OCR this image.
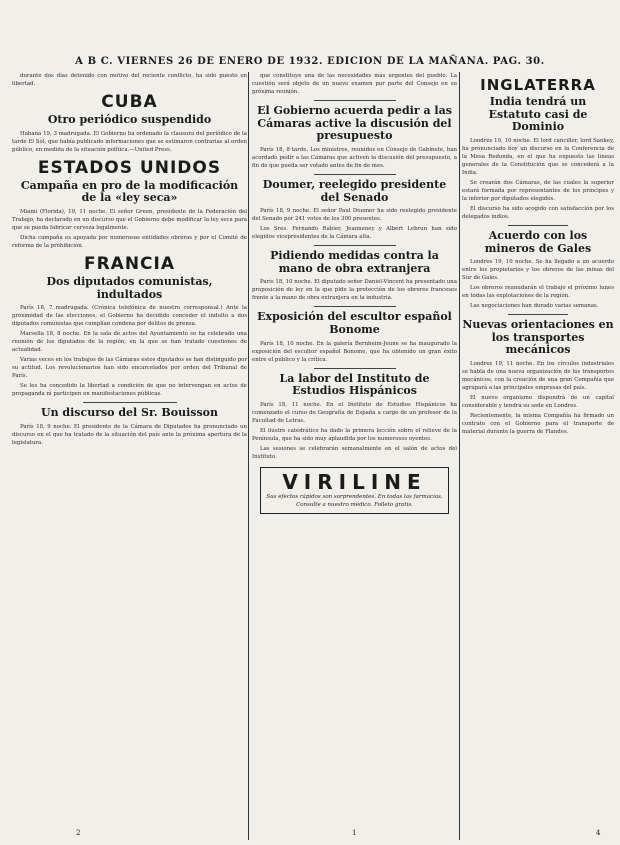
A B C. VIERNES 26 DE ENERO DE 1932. EDICION DE LA MAÑANA. PAG. 30.

durante dos días detenido con motivo del reciente conflicto, ha sido puesto en libertad.

CUBA
Otro periódico suspendido

Habana 19, 3 madrugada. El Gobierno ha ordenado la clausura del periódico de la tarde El Sol, que había publicado informaciones que se estimaron contrarias al orden público, en medida de la situación política.—United Press.

ESTADOS UNIDOS
Campaña en pro de la modificación de la «ley seca»

Miami (Florida), 19, 11 noche. El señor Green, presidente de la Federación del Trabajo, ha declarado en un discurso que el Gobierno debe modificar la ley seca para que se pueda fabricar cerveza legalmente.

Dicha campaña es apoyada por numerosas entidades obreras y por el Comité de reforma de la prohibición.

FRANCIA
Dos diputados comunistas, indultados

París 18, 7 madrugada. (Crónica telefónica de nuestro corresponsal.) Ante la proximidad de las elecciones, el Gobierno ha decidido conceder el indulto a dos diputados comunistas que cumplían condena por delitos de prensa.

Marsella 18, 8 noche. En la sala de actos del Ayuntamiento se ha celebrado una reunión de los diputados de la región, en la que se han tratado cuestiones de actualidad.

Varias veces en los trabajos de las Cámaras estos diputados se han distinguido por su actitud. Los revolucionarios han sido encarcelados por orden del Tribunal de París.

Se les ha concedido la libertad a condición de que no intervengan en actos de propaganda ni participen en manifestaciones públicas.

Un discurso del Sr. Bouisson

París 18, 9 noche. El presidente de la Cámara de Diputados ha pronunciado un discurso en el que ha tratado de la situación del país ante la próxima apertura de la legislatura.

que constituye una de las necesidades más urgentes del pueblo. La cuestión será objeto de un nuevo examen por parte del Consejo en su próxima reunión.

El Gobierno acuerda pedir a las Cámaras active la discusión del presupuesto

París 18, 8 tarde. Los ministros, reunidos en Consejo de Gabinete, han acordado pedir a las Cámaras que activen la discusión del presupuesto, a fin de que pueda ser votado antes de fin de mes.

Doumer, reelegido presidente del Senado

París 18, 9 noche. El señor Paul Doumer ha sido reelegido presidente del Senado por 241 votos de los 300 presentes.

Los Sres. Fernando Rabier, Jeanneney y Albert Lebrun han sido elegidos vicepresidentes de la Cámara alta.

Pidiendo medidas contra la mano de obra extranjera

París 18, 10 noche. El diputado señor Daniel-Vincent ha presentado una proposición de ley en la que pide la protección de los obreros franceses frente a la mano de obra extranjera en la industria.

Exposición del escultor español Bonome

París 18, 10 noche. En la galería Bernheim-Jeune se ha inaugurado la exposición del escultor español Bonome, que ha obtenido un gran éxito entre el público y la crítica.

La labor del Instituto de Estudios Hispánicos

París 18, 11 noche. En el Instituto de Estudios Hispánicos ha comenzado el curso de Geografía de España a cargo de un profesor de la Facultad de Letras.

El ilustre catedrático ha dado la primera lección sobre el relieve de la Península, que ha sido muy aplaudida por los numerosos oyentes.

Las sesiones se celebrarán semanalmente en el salón de actos del Instituto.

VIRILINE
Sus efectos rápidos son sorprendentes. En todas las farmacias. Consulte a nuestro médico. Folleto gratis.
INGLATERRA
India tendrá un Estatuto casi de Dominio

Londres 19, 10 noche. El lord canciller, lord Sankey, ha pronunciado hoy un discurso en la Conferencia de la Mesa Redonda, en el que ha expuesto las líneas generales de la Constitución que se concederá a la India.

Se crearán dos Cámaras, de las cuales la superior estará formada por representantes de los príncipes y la inferior por diputados elegidos.

El discurso ha sido acogido con satisfacción por los delegados indios.

Acuerdo con los mineros de Gales

Londres 19, 10 noche. Se ha llegado a un acuerdo entre los propietarios y los obreros de las minas del Sur de Gales.

Los obreros reanudarán el trabajo el próximo lunes en todas las explotaciones de la región.

Las negociaciones han durado varias semanas.

Nuevas orientaciones en los transportes mecánicos

Londres 19, 11 noche. En los círculos industriales se habla de una nueva organización de los transportes mecánicos, con la creación de una gran Compañía que agrupará a las principales empresas del país.

El nuevo organismo dispondrá de un capital considerable y tendrá su sede en Londres.

Recientemente, la misma Compañía ha firmado un contrato con el Gobierno para el transporte de material durante la guerra de Flandes.

2	1	4
